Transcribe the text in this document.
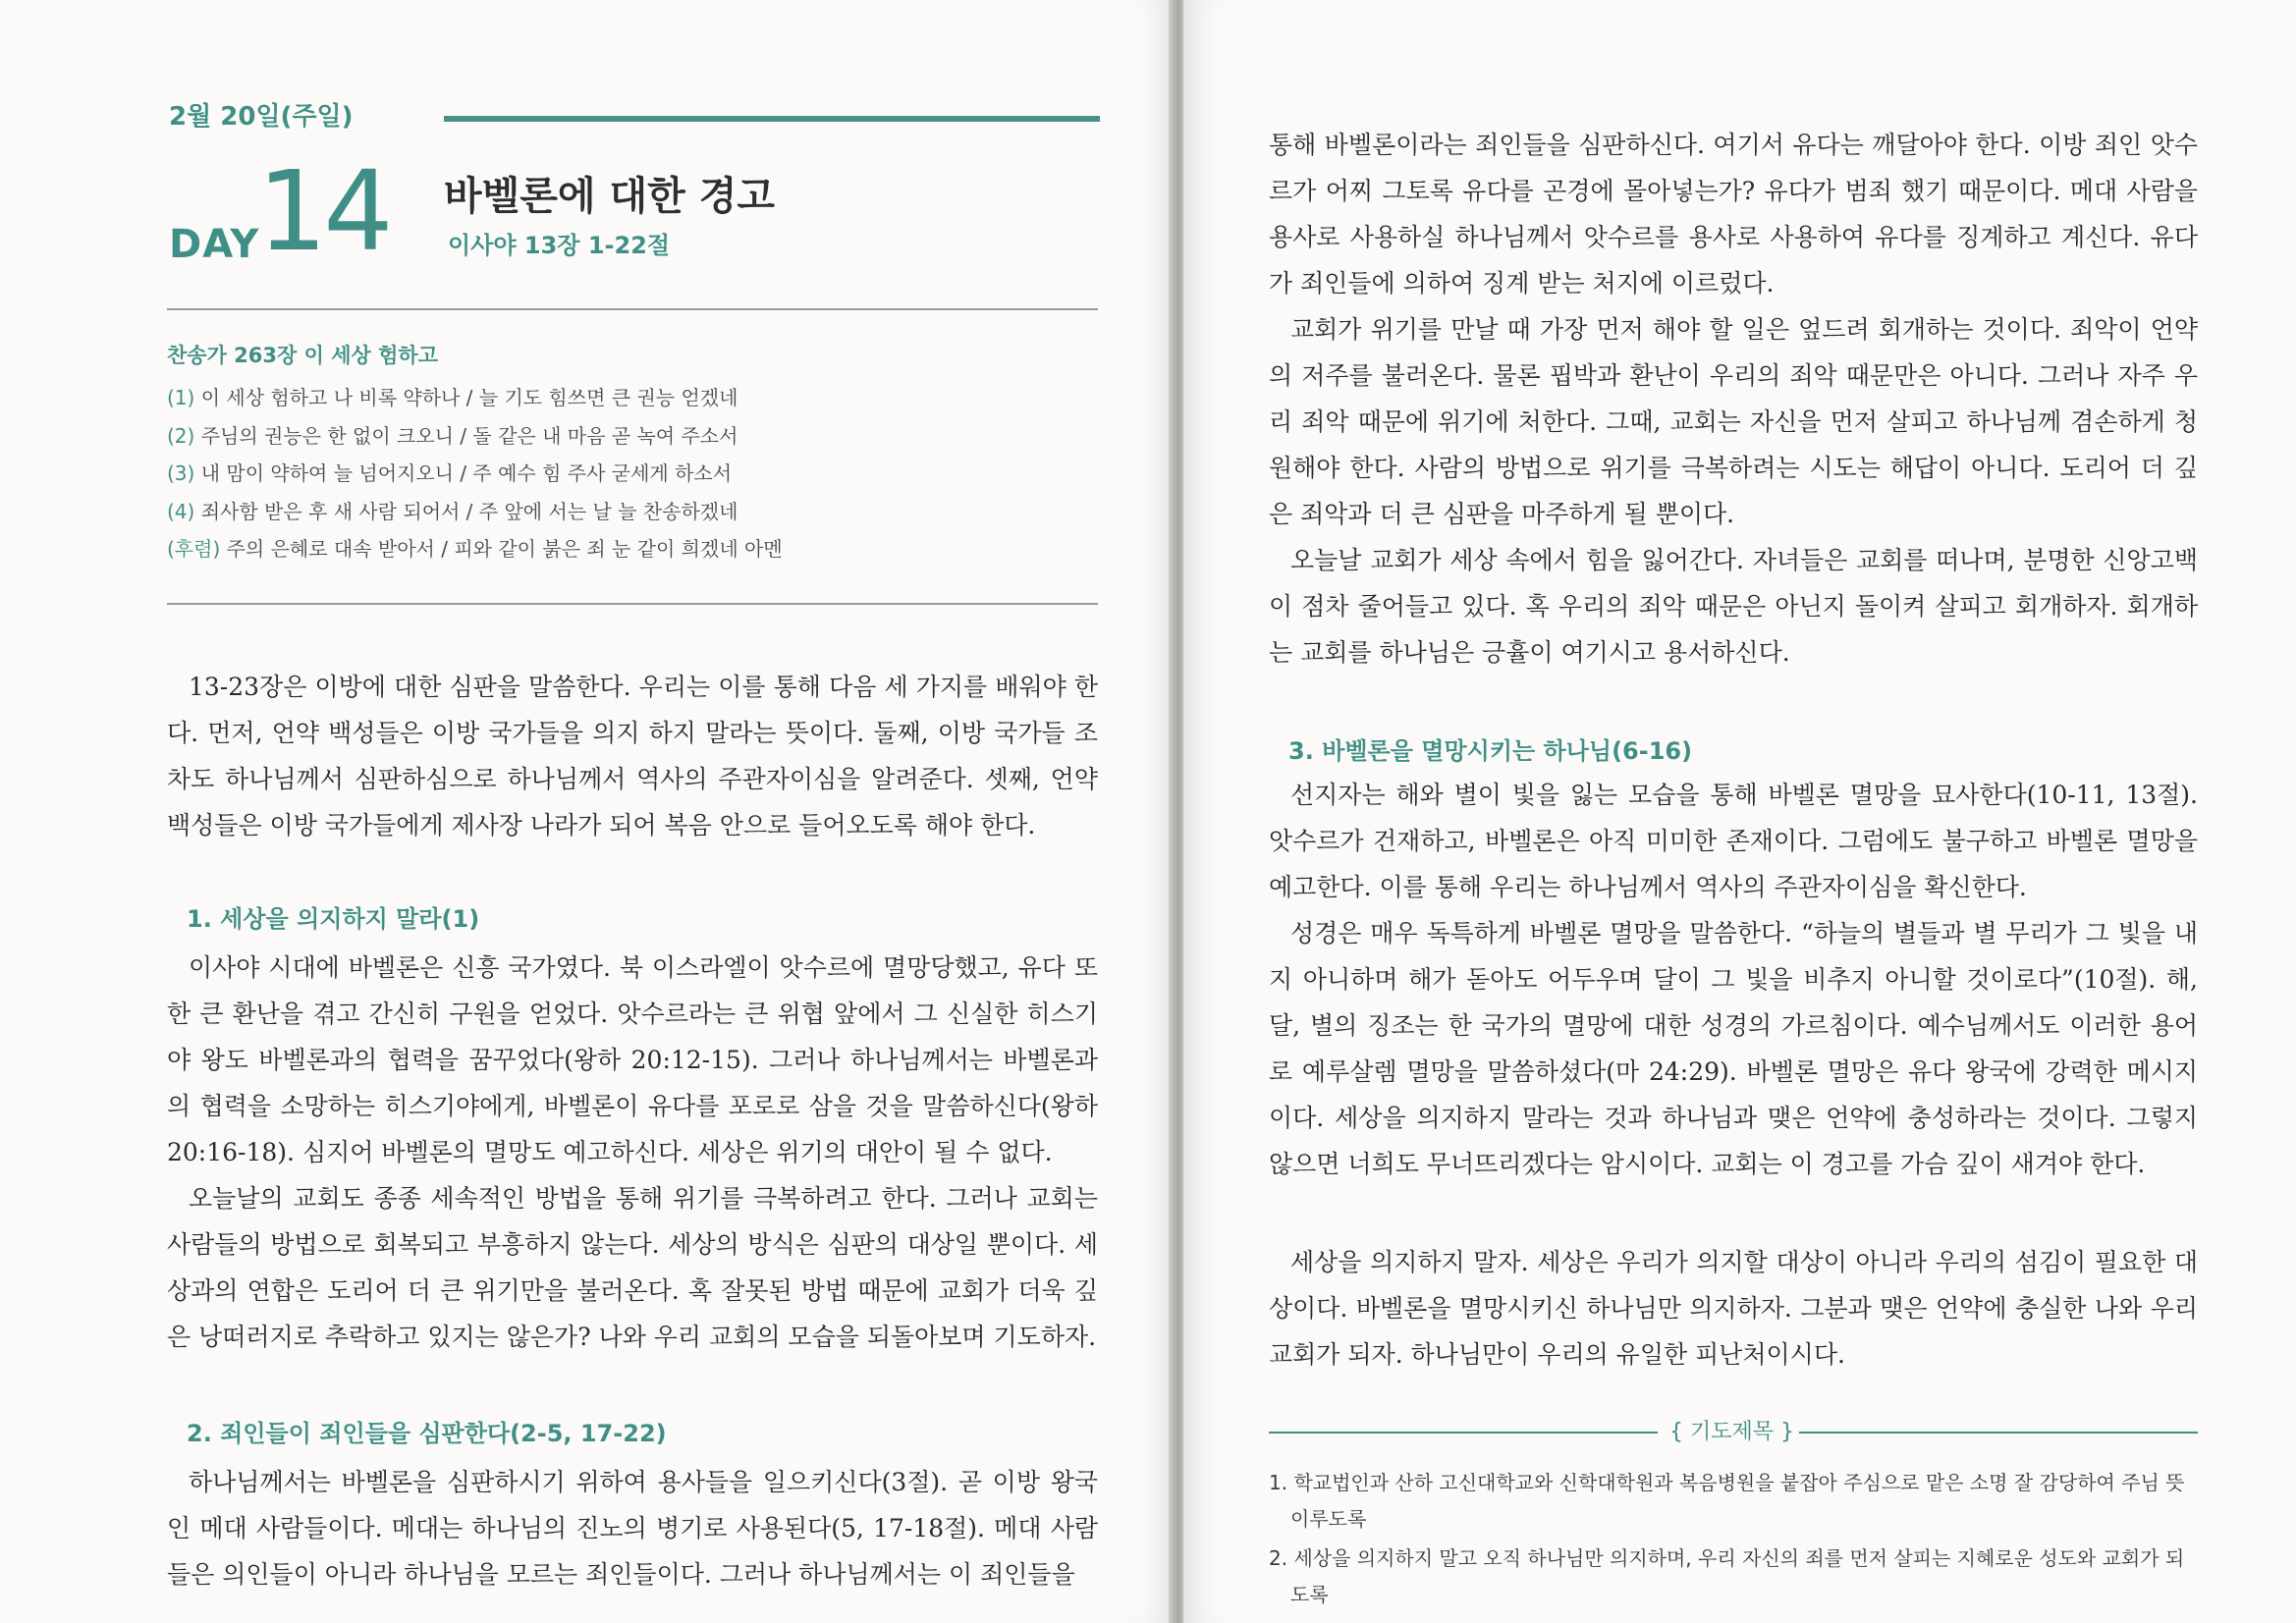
2월 20일(주일)
DAY
14 바벨론에 대한 경고
이사야 13장 1-22절
찬송가 263장 이 세상 험하고
(1) 이 세상 험하고 나 비록 약하나 / 늘 기도 힘쓰면 큰 권능 얻겠네
(2) 주님의 권능은 한 없이 크오니 / 돌 같은 내 마음 곧 녹여 주소서
(3) 내 맘이 약하여 늘 넘어지오니 / 주 예수 힘 주사 굳세게 하소서
(4) 죄사함 받은 후 새 사람 되어서 / 주 앞에 서는 날 늘 찬송하겠네
(후렴) 주의 은혜로 대속 받아서 / 피와 같이 붉은 죄 눈 같이 희겠네 아멘

13-23장은 이방에 대한 심판을 말씀한다. 우리는 이를 통해 다음 세 가지를 배워야 한다. 먼저, 언약 백성들은 이방 국가들을 의지 하지 말라는 뜻이다. 둘째, 이방 국가들 조차도 하나님께서 심판하심으로 하나님께서 역사의 주관자이심을 알려준다. 셋째, 언약 백성들은 이방 국가들에게 제사장 나라가 되어 복음 안으로 들어오도록 해야 한다.

1. 세상을 의지하지 말라(1)

이사야 시대에 바벨론은 신흥 국가였다. 북 이스라엘이 앗수르에 멸망당했고, 유다 또한 큰 환난을 겪고 간신히 구원을 얻었다. 앗수르라는 큰 위협 앞에서 그 신실한 히스기야 왕도 바벨론과의 협력을 꿈꾸었다(왕하 20:12-15). 그러나 하나님께서는 바벨론과의 협력을 소망하는 히스기야에게, 바벨론이 유다를 포로로 삼을 것을 말씀하신다(왕하 20:16-18). 심지어 바벨론의 멸망도 예고하신다. 세상은 위기의 대안이 될 수 없다.

오늘날의 교회도 종종 세속적인 방법을 통해 위기를 극복하려고 한다. 그러나 교회는 사람들의 방법으로 회복되고 부흥하지 않는다. 세상의 방식은 심판의 대상일 뿐이다. 세상과의 연합은 도리어 더 큰 위기만을 불러온다. 혹 잘못된 방법 때문에 교회가 더욱 깊은 낭떠러지로 추락하고 있지는 않은가? 나와 우리 교회의 모습을 되돌아보며 기도하자.

2. 죄인들이 죄인들을 심판한다(2-5, 17-22)

하나님께서는 바벨론을 심판하시기 위하여 용사들을 일으키신다(3절). 곧 이방 왕국인 메대 사람들이다. 메대는 하나님의 진노의 병기로 사용된다(5, 17-18절). 메대 사람들은 의인들이 아니라 하나님을 모르는 죄인들이다. 그러나 하나님께서는 이 죄인들을

통해 바벨론이라는 죄인들을 심판하신다. 여기서 유다는 깨달아야 한다. 이방 죄인 앗수르가 어찌 그토록 유다를 곤경에 몰아넣는가? 유다가 범죄 했기 때문이다. 메대 사람을 용사로 사용하실 하나님께서 앗수르를 용사로 사용하여 유다를 징계하고 계신다. 유다가 죄인들에 의하여 징계 받는 처지에 이르렀다.

교회가 위기를 만날 때 가장 먼저 해야 할 일은 엎드려 회개하는 것이다. 죄악이 언약의 저주를 불러온다. 물론 핍박과 환난이 우리의 죄악 때문만은 아니다. 그러나 자주 우리 죄악 때문에 위기에 처한다. 그때, 교회는 자신을 먼저 살피고 하나님께 겸손하게 청원해야 한다. 사람의 방법으로 위기를 극복하려는 시도는 해답이 아니다. 도리어 더 깊은 죄악과 더 큰 심판을 마주하게 될 뿐이다.

오늘날 교회가 세상 속에서 힘을 잃어간다. 자녀들은 교회를 떠나며, 분명한 신앙고백이 점차 줄어들고 있다. 혹 우리의 죄악 때문은 아닌지 돌이켜 살피고 회개하자. 회개하는 교회를 하나님은 긍휼이 여기시고 용서하신다.

3. 바벨론을 멸망시키는 하나님(6-16)

선지자는 해와 별이 빛을 잃는 모습을 통해 바벨론 멸망을 묘사한다(10-11, 13절). 앗수르가 건재하고, 바벨론은 아직 미미한 존재이다. 그럼에도 불구하고 바벨론 멸망을 예고한다. 이를 통해 우리는 하나님께서 역사의 주관자이심을 확신한다.

성경은 매우 독특하게 바벨론 멸망을 말씀한다. “하늘의 별들과 별 무리가 그 빛을 내지 아니하며 해가 돋아도 어두우며 달이 그 빛을 비추지 아니할 것이로다”(10절). 해, 달, 별의 징조는 한 국가의 멸망에 대한 성경의 가르침이다. 예수님께서도 이러한 용어로 예루살렘 멸망을 말씀하셨다(마 24:29). 바벨론 멸망은 유다 왕국에 강력한 메시지이다. 세상을 의지하지 말라는 것과 하나님과 맺은 언약에 충성하라는 것이다. 그렇지 않으면 너희도 무너뜨리겠다는 암시이다. 교회는 이 경고를 가슴 깊이 새겨야 한다.

세상을 의지하지 말자. 세상은 우리가 의지할 대상이 아니라 우리의 섬김이 필요한 대상이다. 바벨론을 멸망시키신 하나님만 의지하자. 그분과 맺은 언약에 충실한 나와 우리 교회가 되자. 하나님만이 우리의 유일한 피난처이시다.

{ 기도제목 }

1. 학교법인과 산하 고신대학교와 신학대학원과 복음병원을 붙잡아 주심으로 맡은 소명 잘 감당하여 주님 뜻 이루도록

2. 세상을 의지하지 말고 오직 하나님만 의지하며, 우리 자신의 죄를 먼저 살피는 지혜로운 성도와 교회가 되도록
